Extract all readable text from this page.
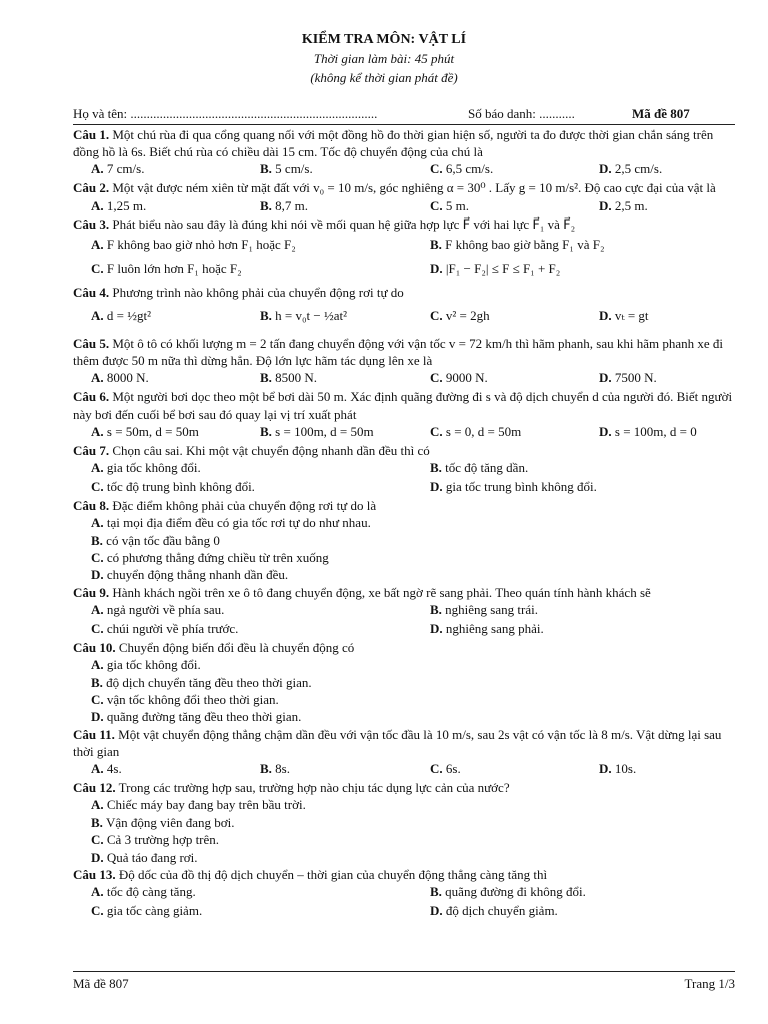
KIỂM TRA MÔN: VẬT LÍ
Thời gian làm bài: 45 phút
(không kể thời gian phát đề)
Họ và tên: ............................................................................	Số báo danh: ...........	Mã đề 807

Câu 1. Một chú rùa đi qua cổng quang nối với một đồng hồ đo thời gian hiện số, người ta đo được thời gian chắn sáng trên đồng hồ là 6s. Biết chú rùa có chiều dài 15 cm. Tốc độ chuyển động của chú là

A. 7 cm/s.	B. 5 cm/s.	C. 6,5 cm/s.	D. 2,5 cm/s.

Câu 2. Một vật được ném xiên từ mặt đất với v₀ = 10 m/s, góc nghiêng α = 30⁰ . Lấy g = 10 m/s². Độ cao cực đại của vật là

A. 1,25 m.	B. 8,7 m.	C. 5 m.	D. 2,5 m.

Câu 3. Phát biểu nào sau đây là đúng khi nói về mối quan hệ giữa hợp lực F⃗ với hai lực F⃗₁ và F⃗₂

A. F không bao giờ nhỏ hơn F₁ hoặc F₂	B. F không bao giờ bằng F₁ và F₂
C. F luôn lớn hơn F₁ hoặc F₂	D. |F₁ − F₂| ≤ F ≤ F₁ + F₂

Câu 4. Phương trình nào không phải của chuyển động rơi tự do

A. d = ½gt²	B. h = v₀t − ½at²	C. v² = 2gh	D. vₜ = gt

Câu 5. Một ô tô có khối lượng m = 2 tấn đang chuyển động với vận tốc v = 72 km/h thì hãm phanh, sau khi hãm phanh xe đi thêm được 50 m nữa thì dừng hẳn. Độ lớn lực hãm tác dụng lên xe là

A. 8000 N.	B. 8500 N.	C. 9000 N.	D. 7500 N.

Câu 6. Một người bơi dọc theo một bể bơi dài 50 m. Xác định quãng đường đi s và độ dịch chuyển d của người đó. Biết người này bơi đến cuối bể bơi sau đó quay lại vị trí xuất phát

A. s = 50m, d = 50m	B. s = 100m, d = 50m	C. s = 0, d = 50m	D. s = 100m, d = 0

Câu 7. Chọn câu sai. Khi một vật chuyển động nhanh dần đều thì có

A. gia tốc không đổi.	B. tốc độ tăng dần.
C. tốc độ trung bình không đổi.	D. gia tốc trung bình không đổi.

Câu 8. Đặc điểm không phải của chuyển động rơi tự do là

A. tại mọi địa điểm đều có gia tốc rơi tự do như nhau.
B. có vận tốc đầu bằng 0
C. có phương thẳng đứng chiều từ trên xuống
D. chuyển động thẳng nhanh dần đều.

Câu 9. Hành khách ngồi trên xe ô tô đang chuyển động, xe bất ngờ rẽ sang phải. Theo quán tính hành khách sẽ

A. ngả người về phía sau.	B. nghiêng sang trái.
C. chúi người về phía trước.	D. nghiêng sang phải.

Câu 10. Chuyển động biến đổi đều là chuyển động có

A. gia tốc không đổi.
B. độ dịch chuyển tăng đều theo thời gian.
C. vận tốc không đổi theo thời gian.
D. quãng đường tăng đều theo thời gian.

Câu 11. Một vật chuyển động thẳng chậm dần đều với vận tốc đầu là 10 m/s, sau 2s vật có vận tốc là 8 m/s. Vật dừng lại sau thời gian

A. 4s.	B. 8s.	C. 6s.	D. 10s.

Câu 12. Trong các trường hợp sau, trường hợp nào chịu tác dụng lực cản của nước?

A. Chiếc máy bay đang bay trên bầu trời.
B. Vận động viên đang bơi.
C. Cả 3 trường hợp trên.
D. Quả táo đang rơi.

Câu 13. Độ dốc của đồ thị độ dịch chuyển – thời gian của chuyển động thẳng càng tăng thì

A. tốc độ càng tăng.	B. quãng đường đi không đổi.
C. gia tốc càng giảm.	D. độ dịch chuyển giảm.
Mã đề 807	Trang 1/3
